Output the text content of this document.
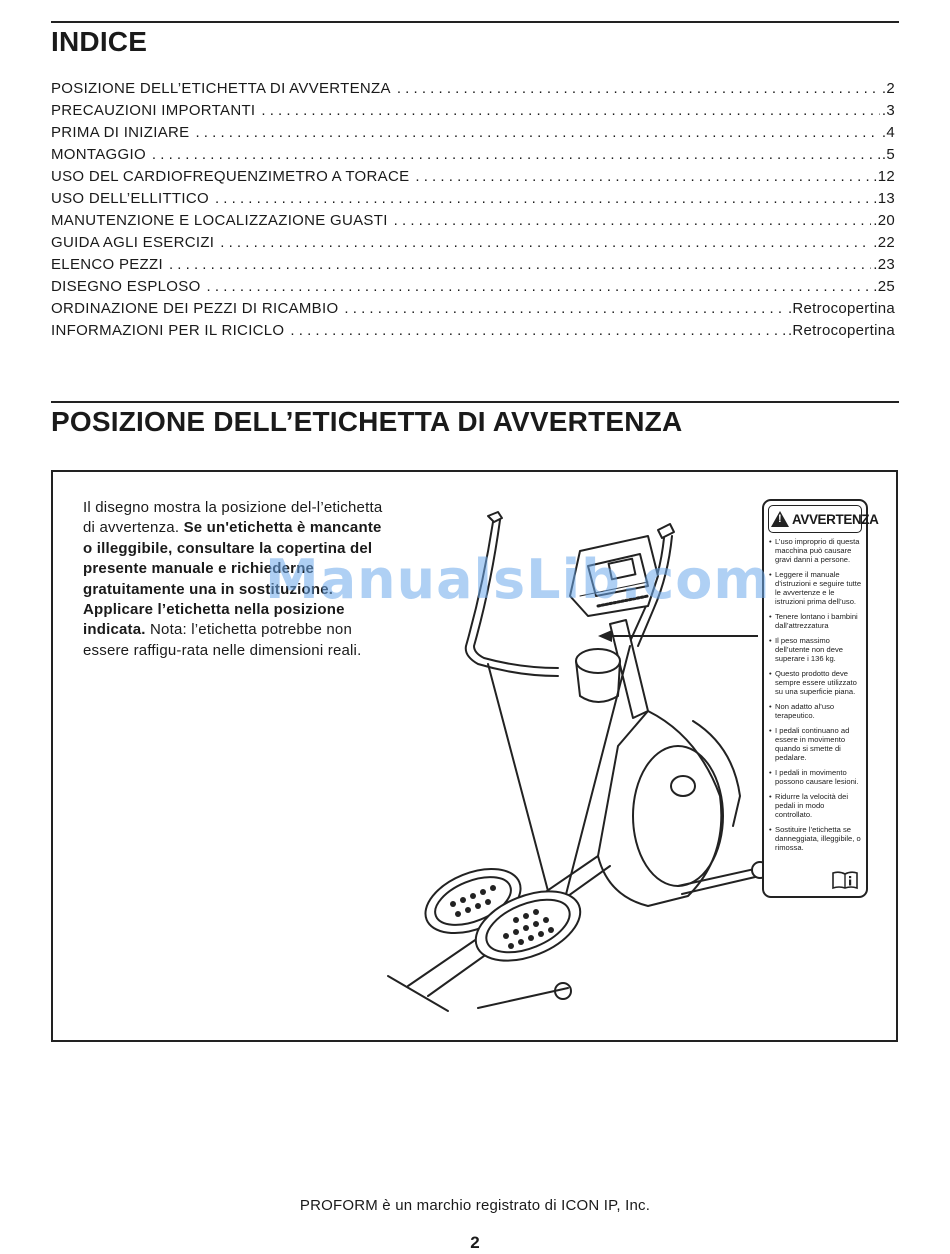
INDICE
POSIZIONE DELL’ETICHETTA DI AVVERTENZA . . .	.2
PRECAUZIONI IMPORTANTI . . .	.3
PRIMA DI INIZIARE . . .	.4
MONTAGGIO . . .	.5
USO DEL CARDIOFREQUENZIMETRO A TORACE . . .	.12
USO DELL’ELLITTICO . . .	.13
MANUTENZIONE E LOCALIZZAZIONE GUASTI . . .	.20
GUIDA AGLI ESERCIZI . . .	.22
ELENCO PEZZI . . .	.23
DISEGNO ESPLOSO . . .	.25
ORDINAZIONE DEI PEZZI DI RICAMBIO . . .	.Retrocopertina
INFORMAZIONI PER IL RICICLO . . .	.Retrocopertina
POSIZIONE DELL’ETICHETTA DI AVVERTENZA
Il disegno mostra la posizione del-l’etichetta di avvertenza. Se un'etichetta è mancante o illeggibile, consultare la copertina del presente manuale e richiederne gratuitamente una in sostituzione. Applicare l’etichetta nella posizione indicata. Nota: l’etichetta potrebbe non essere raffigu-rata nelle dimensioni reali.
!
AVVERTENZA
• L’uso improprio di questa macchina può causare gravi danni a persone.
• Leggere il manuale d’istruzioni e seguire tutte le avvertenze e le istruzioni prima dell’uso.
• Tenere lontano i bambini dall’attrezzatura
• Il peso massimo dell’utente non deve superare i 136 kg.
• Questo prodotto deve sempre essere utilizzato su una superficie piana.
• Non adatto al’uso terapeutico.
• I pedali continuano ad essere in movimento quando si smette di pedalare.
• I pedali in movimento possono causare lesioni.
• Ridurre la velocità dei pedali in modo controllato.
• Sostituire l’etichetta se danneggiata, illeggibile, o rimossa.
ManualsLib.com
PROFORM è un marchio registrato di ICON IP, Inc.
2
